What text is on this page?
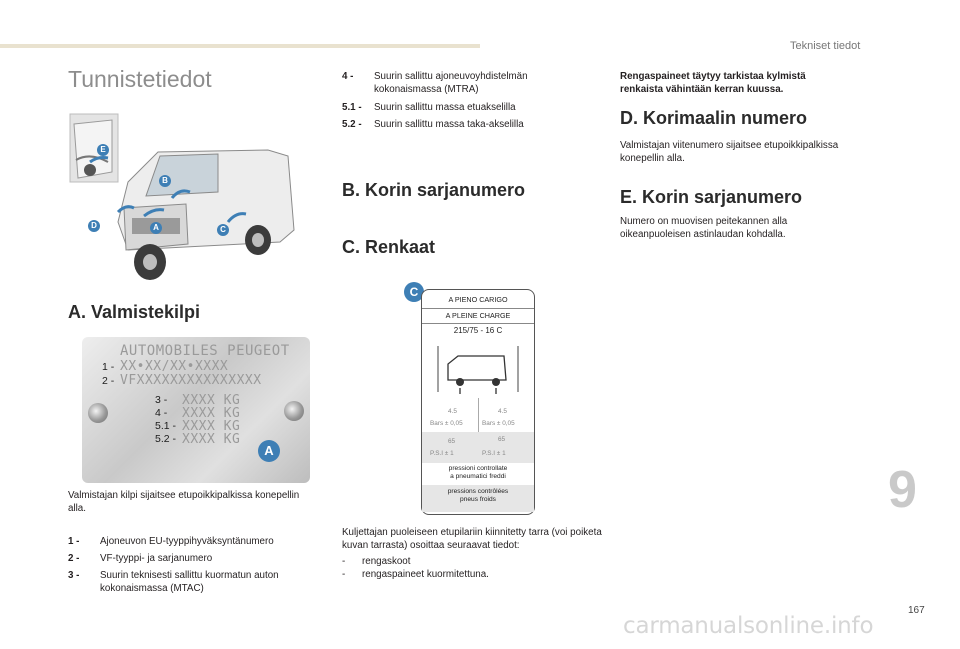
Tekniset tiedot
Tunnistetiedot
E
B
D	A	C
A. Valmistekilpi
AUTOMOBILES PEUGEOT
1 - XX•XX/XX•XXXX
2 - VFXXXXXXXXXXXXXXX
3 - XXXX KG
4 - XXXX KG
5.1 - XXXX KG
5.2 - XXXX KG
A
Valmistajan kilpi sijaitsee etupoikkipalkissa konepellin alla.
1 - Ajoneuvon EU-tyyppihyväksyntänumero
2 - VF-tyyppi- ja sarjanumero
3 - Suurin teknisesti sallittu kuormatun auton kokonaismassa (MTAC)
4 - Suurin sallittu ajoneuvoyhdistelmän kokonaismassa (MTRA)
5.1 - Suurin sallittu massa etuakselilla
5.2 - Suurin sallittu massa taka-akselilla
B. Korin sarjanumero
C. Renkaat
C
A PIENO CARIGO
A PLEINE CHARGE
215/75 - 16 C
4.5	4.5
Bars ± 0,05	Bars ± 0,05
65	65
P.S.I ± 1	P.S.I ± 1
pressioni controllate
a pneumatici freddi
pressions contrôlées
pneus froids
Kuljettajan puoleiseen etupilariin kiinnitetty tarra (voi poiketa kuvan tarrasta) osoittaa seuraavat tiedot:
- rengaskoot
- rengaspaineet kuormitettuna.
Rengaspaineet täytyy tarkistaa kylmistä renkaista vähintään kerran kuussa.
D. Korimaalin numero
Valmistajan viitenumero sijaitsee etupoikkipalkissa konepellin alla.
E. Korin sarjanumero
Numero on muovisen peitekannen alla oikeanpuoleisen astinlaudan kohdalla.
9
167
carmanualsonline.info
